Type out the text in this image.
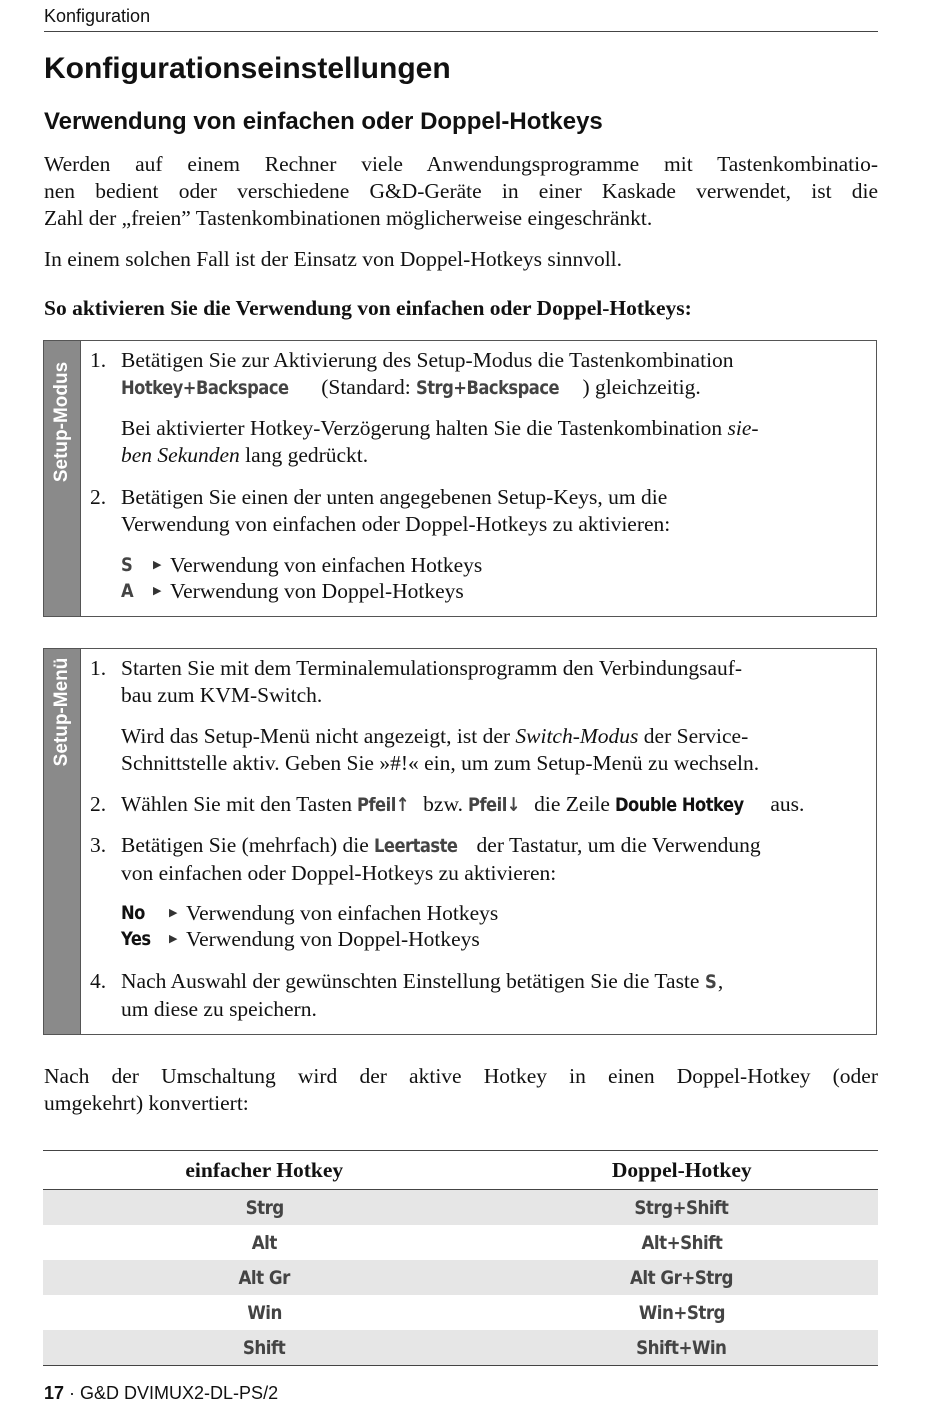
Konfiguration
Konfigurationseinstellungen
Verwendung von einfachen oder Doppel-Hotkeys
Werden auf einem Rechner viele Anwendungsprogramme mit Tastenkombinatio-
nen bedient oder verschiedene G&D-Geräte in einer Kaskade verwendet, ist die
Zahl der „freien” Tastenkombinationen möglicherweise eingeschränkt.

In einem solchen Fall ist der Einsatz von Doppel-Hotkeys sinnvoll.

So aktivieren Sie die Verwendung von einfachen oder Doppel-Hotkeys:

Setup-Modus
1. Betätigen Sie zur Aktivierung des Setup-Modus die Tastenkombination
Hotkey+Backspace (Standard: Strg+Backspace ) gleichzeitig.
Bei aktivierter Hotkey-Verzögerung halten Sie die Tastenkombination sie-
ben Sekunden lang gedrückt.
2. Betätigen Sie einen der unten angegebenen Setup-Keys, um die
Verwendung von einfachen oder Doppel-Hotkeys zu aktivieren:
S ▶ Verwendung von einfachen Hotkeys
A ▶ Verwendung von Doppel-Hotkeys
Setup-Menü 1. Starten Sie mit dem Terminalemulationsprogramm den Verbindungsauf-
bau zum KVM-Switch.
Wird das Setup-Menü nicht angezeigt, ist der Switch-Modus der Service-
Schnittstelle aktiv. Geben Sie »#!« ein, um zum Setup-Menü zu wechseln.
2. Wählen Sie mit den Tasten Pfeil↑ bzw. Pfeil↓ die Zeile Double Hotkey aus.
3. Betätigen Sie (mehrfach) die Leertaste der Tastatur, um die Verwendung
von einfachen oder Doppel-Hotkeys zu aktivieren:
No ▶ Verwendung von einfachen Hotkeys
Yes ▶ Verwendung von Doppel-Hotkeys
4. Nach Auswahl der gewünschten Einstellung betätigen Sie die Taste S,
um diese zu speichern.
Nach der Umschaltung wird der aktive Hotkey in einen Doppel-Hotkey (oder
umgekehrt) konvertiert:
einfacher Hotkey	Doppel-Hotkey
Strg	Strg+Shift
Alt	Alt+Shift
Alt Gr	Alt Gr+Strg
Win	Win+Strg
Shift	Shift+Win
17 · G&D DVIMUX2-DL-PS/2
